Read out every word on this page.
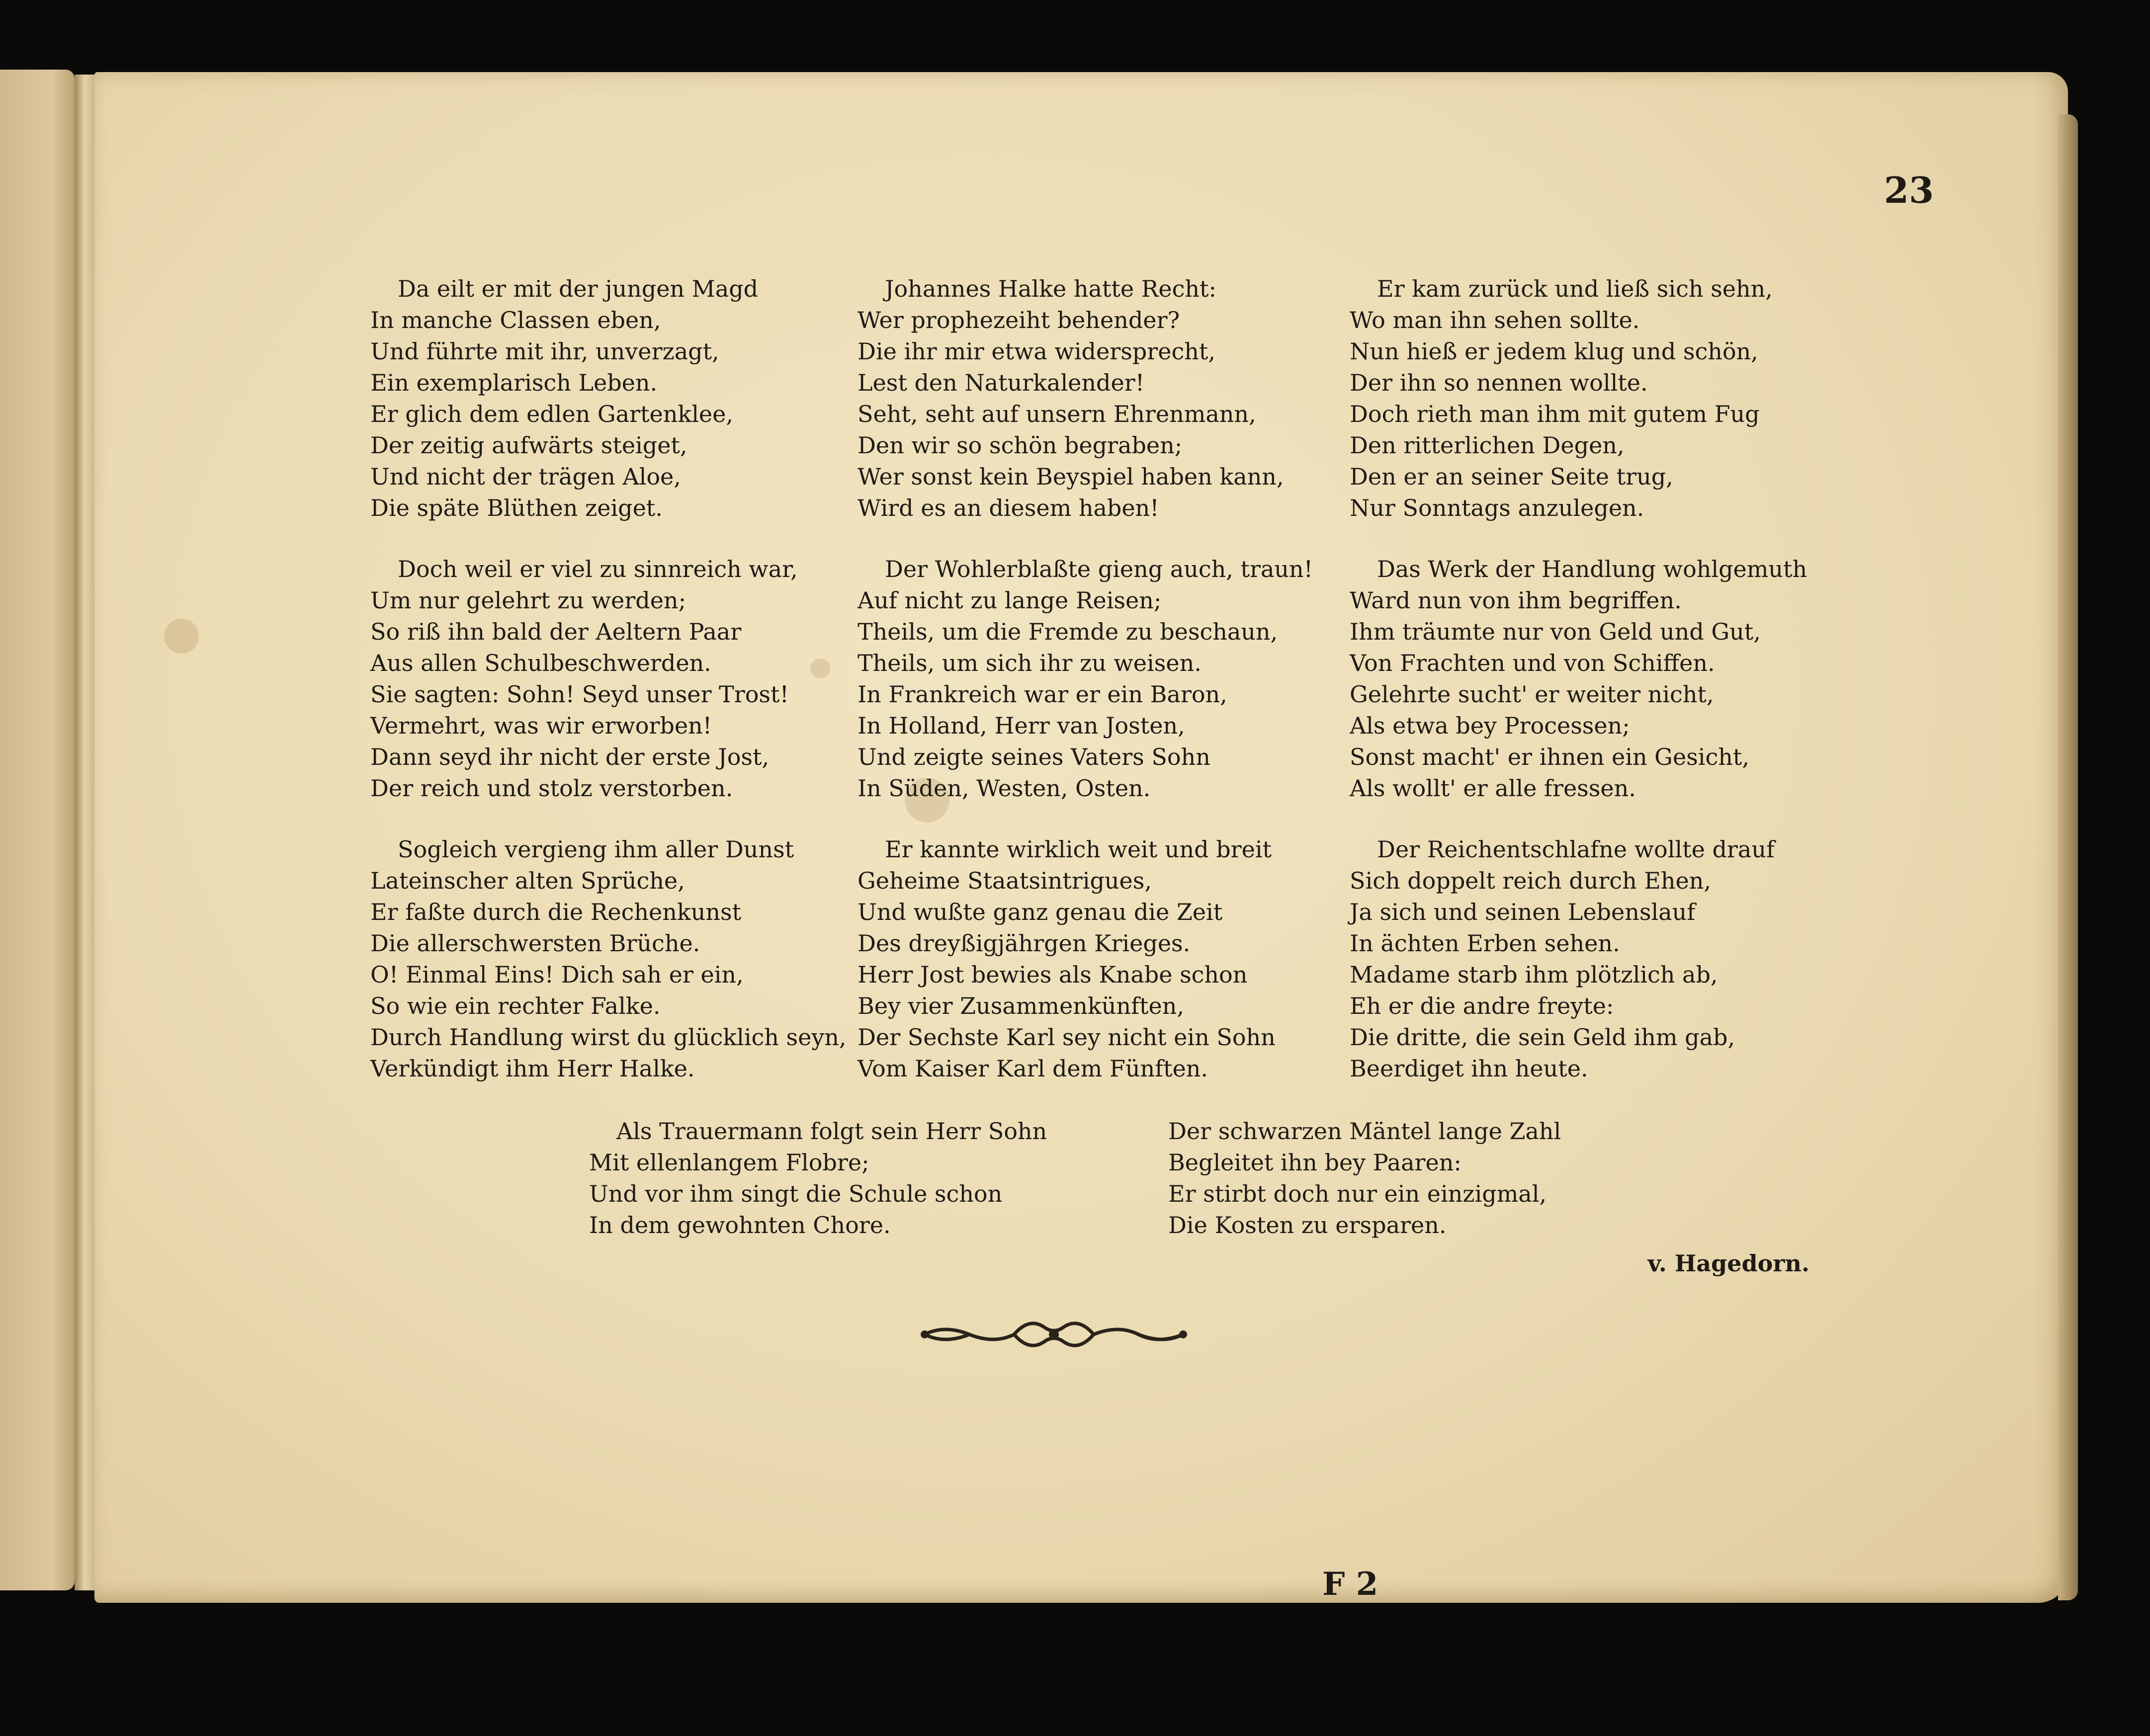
23
Da eilt er mit der jungen Magd
In manche Classen eben,
Und führte mit ihr, unverzagt,
Ein exemplarisch Leben.
Er glich dem edlen Gartenklee,
Der zeitig aufwärts steiget,
Und nicht der trägen Aloe,
Die späte Blüthen zeiget.
Doch weil er viel zu sinnreich war,
Um nur gelehrt zu werden;
So riß ihn bald der Aeltern Paar
Aus allen Schulbeschwerden.
Sie sagten: Sohn! Seyd unser Trost!
Vermehrt, was wir erworben!
Dann seyd ihr nicht der erste Jost,
Der reich und stolz verstorben.
Sogleich vergieng ihm aller Dunst
Lateinscher alten Sprüche,
Er faßte durch die Rechenkunst
Die allerschwersten Brüche.
O! Einmal Eins! Dich sah er ein,
So wie ein rechter Falke.
Durch Handlung wirst du glücklich seyn,
Verkündigt ihm Herr Halke.
Johannes Halke hatte Recht:
Wer prophezeiht behender?
Die ihr mir etwa widersprecht,
Lest den Naturkalender!
Seht, seht auf unsern Ehrenmann,
Den wir so schön begraben;
Wer sonst kein Beyspiel haben kann,
Wird es an diesem haben!
Der Wohlerblaßte gieng auch, traun!
Auf nicht zu lange Reisen;
Theils, um die Fremde zu beschaun,
Theils, um sich ihr zu weisen.
In Frankreich war er ein Baron,
In Holland, Herr van Josten,
Und zeigte seines Vaters Sohn
In Süden, Westen, Osten.
Er kannte wirklich weit und breit
Geheime Staatsintrigues,
Und wußte ganz genau die Zeit
Des dreyßigjährgen Krieges.
Herr Jost bewies als Knabe schon
Bey vier Zusammenkünften,
Der Sechste Karl sey nicht ein Sohn
Vom Kaiser Karl dem Fünften.
Er kam zurück und ließ sich sehn,
Wo man ihn sehen sollte.
Nun hieß er jedem klug und schön,
Der ihn so nennen wollte.
Doch rieth man ihm mit gutem Fug
Den ritterlichen Degen,
Den er an seiner Seite trug,
Nur Sonntags anzulegen.
Das Werk der Handlung wohlgemuth
Ward nun von ihm begriffen.
Ihm träumte nur von Geld und Gut,
Von Frachten und von Schiffen.
Gelehrte sucht' er weiter nicht,
Als etwa bey Processen;
Sonst macht' er ihnen ein Gesicht,
Als wollt' er alle fressen.
Der Reichentschlafne wollte drauf
Sich doppelt reich durch Ehen,
Ja sich und seinen Lebenslauf
In ächten Erben sehen.
Madame starb ihm plötzlich ab,
Eh er die andre freyte:
Die dritte, die sein Geld ihm gab,
Beerdiget ihn heute.
Als Trauermann folgt sein Herr Sohn
Mit ellenlangem Flobre;
Und vor ihm singt die Schule schon
In dem gewohnten Chore.
Der schwarzen Mäntel lange Zahl
Begleitet ihn bey Paaren:
Er stirbt doch nur ein einzigmal,
Die Kosten zu ersparen.
v. Hagedorn.
F 2
